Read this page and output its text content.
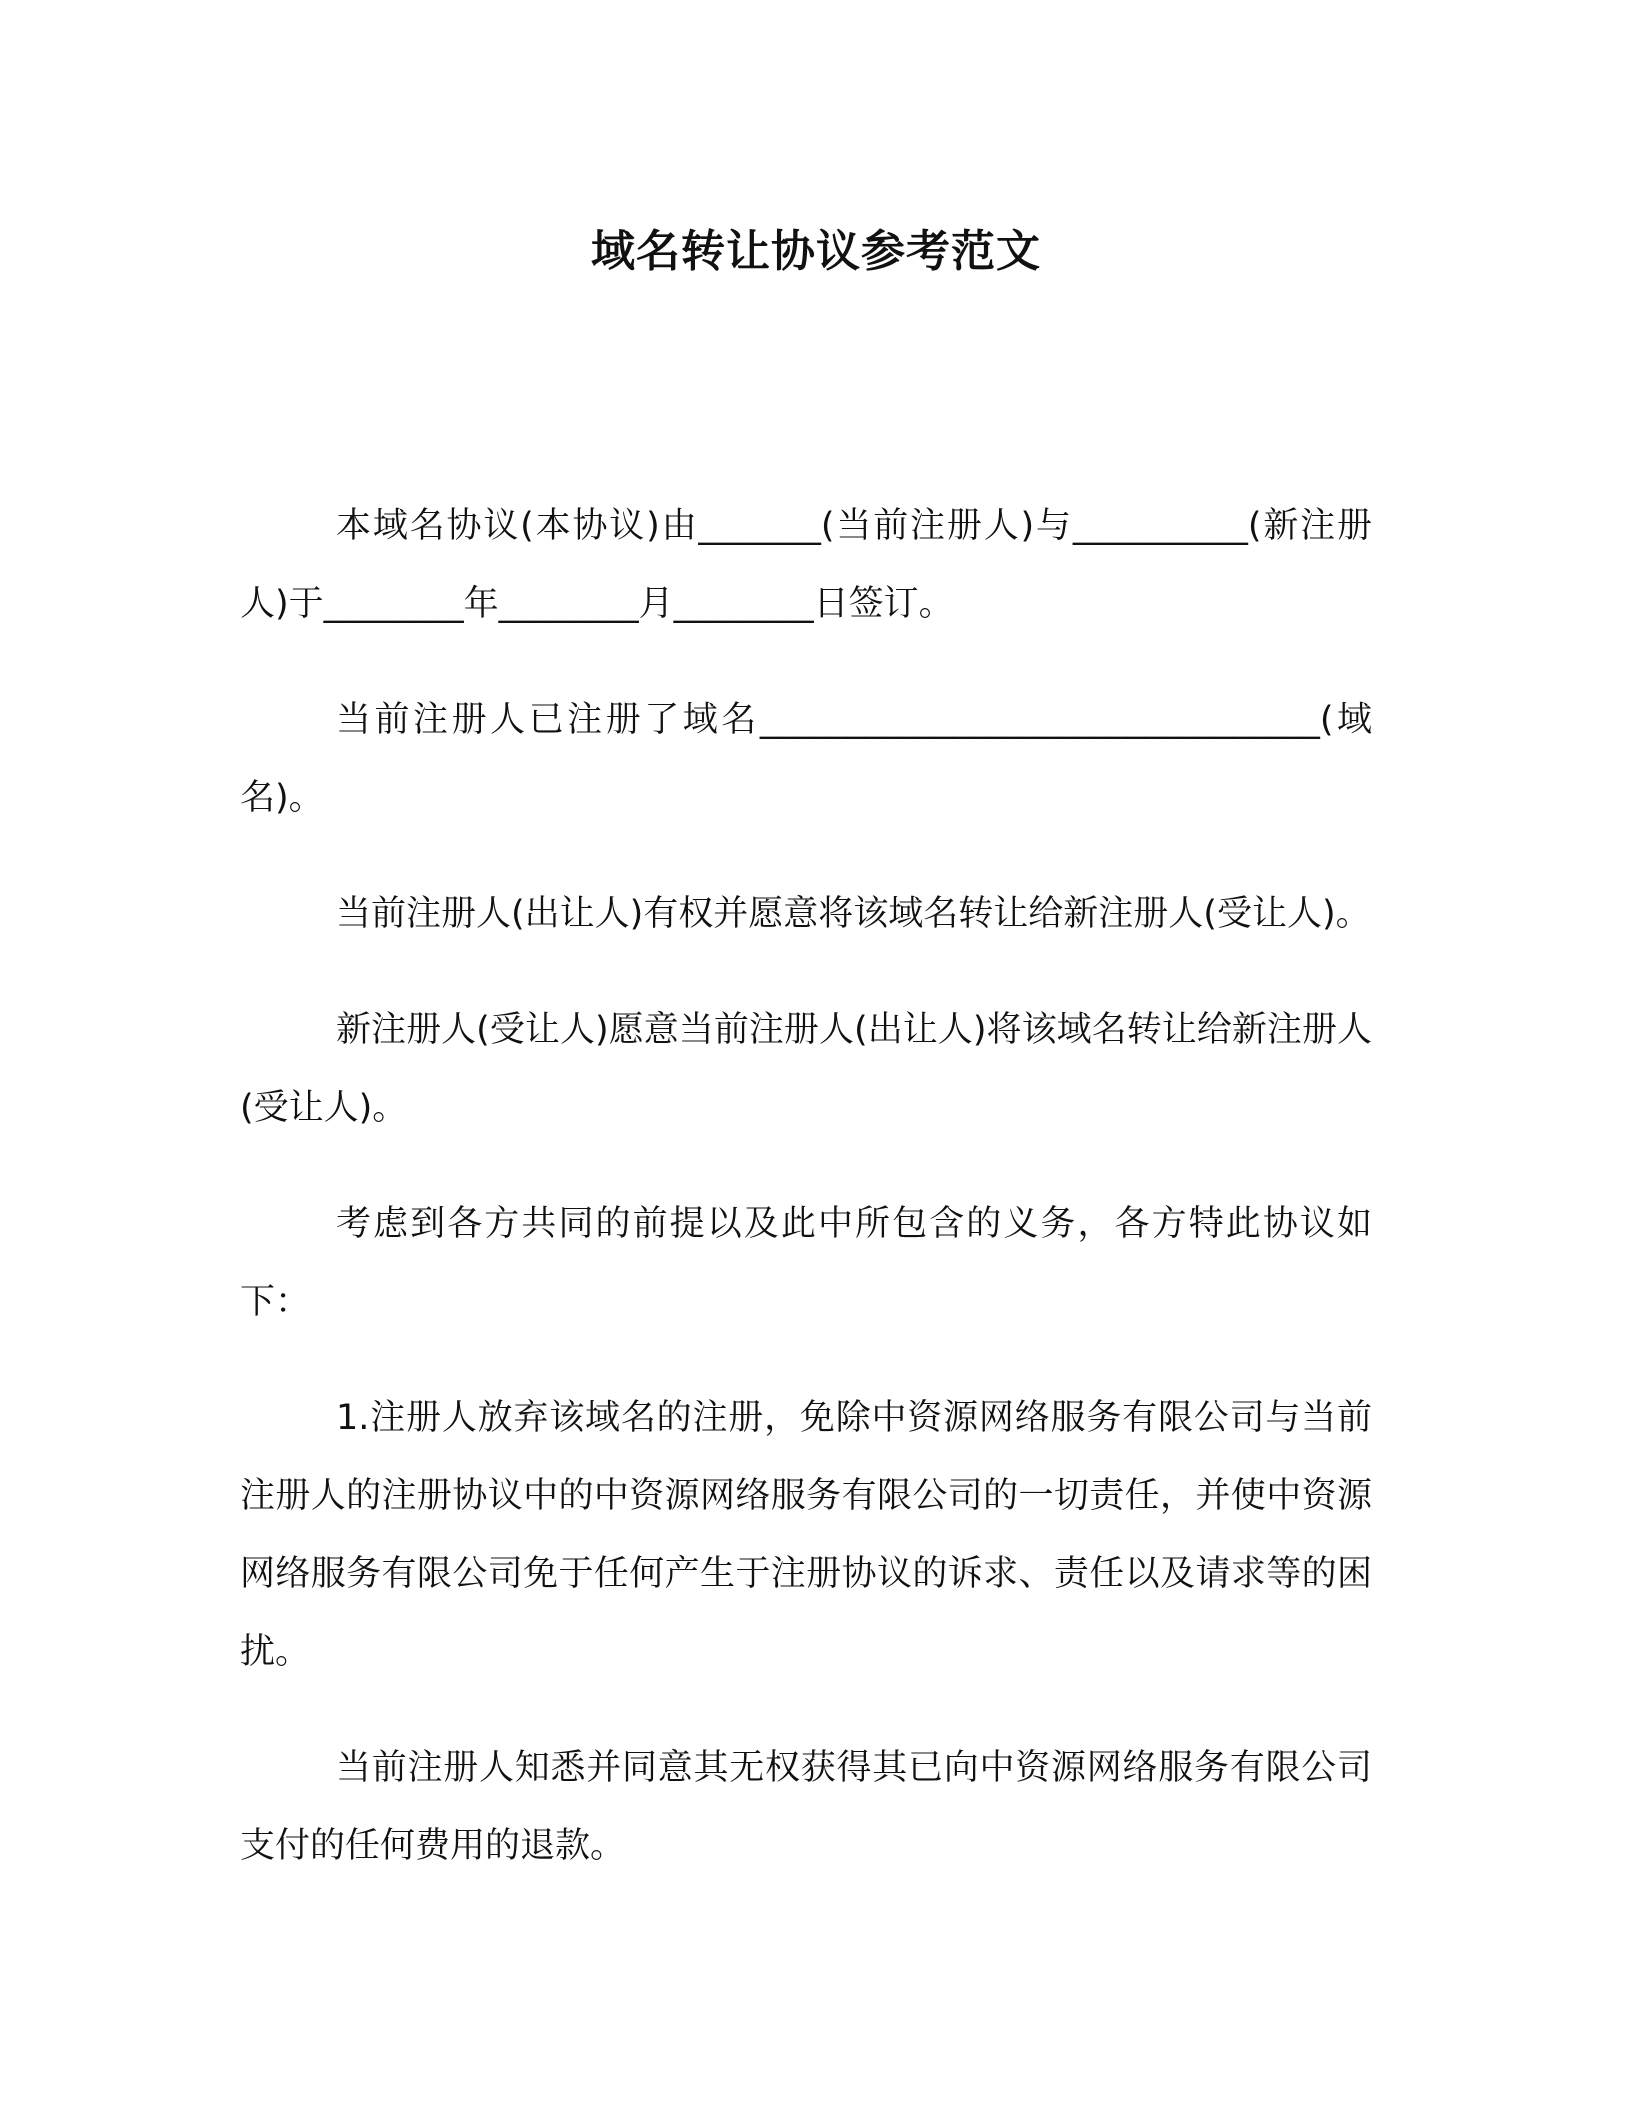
域名转让协议参考范文

本域名协议(本协议)由_______(当前注册人)与__________(新注册人)于________年________月________日签订。

当前注册人已注册了域名________________________________(域名)。

当前注册人(出让人)有权并愿意将该域名转让给新注册人(受让人)。

新注册人(受让人)愿意当前注册人(出让人)将该域名转让给新注册人(受让人)。

考虑到各方共同的前提以及此中所包含的义务，各方特此协议如下：

1.注册人放弃该域名的注册，免除中资源网络服务有限公司与当前注册人的注册协议中的中资源网络服务有限公司的一切责任，并使中资源网络服务有限公司免于任何产生于注册协议的诉求、责任以及请求等的困扰。

当前注册人知悉并同意其无权获得其已向中资源网络服务有限公司支付的任何费用的退款。
